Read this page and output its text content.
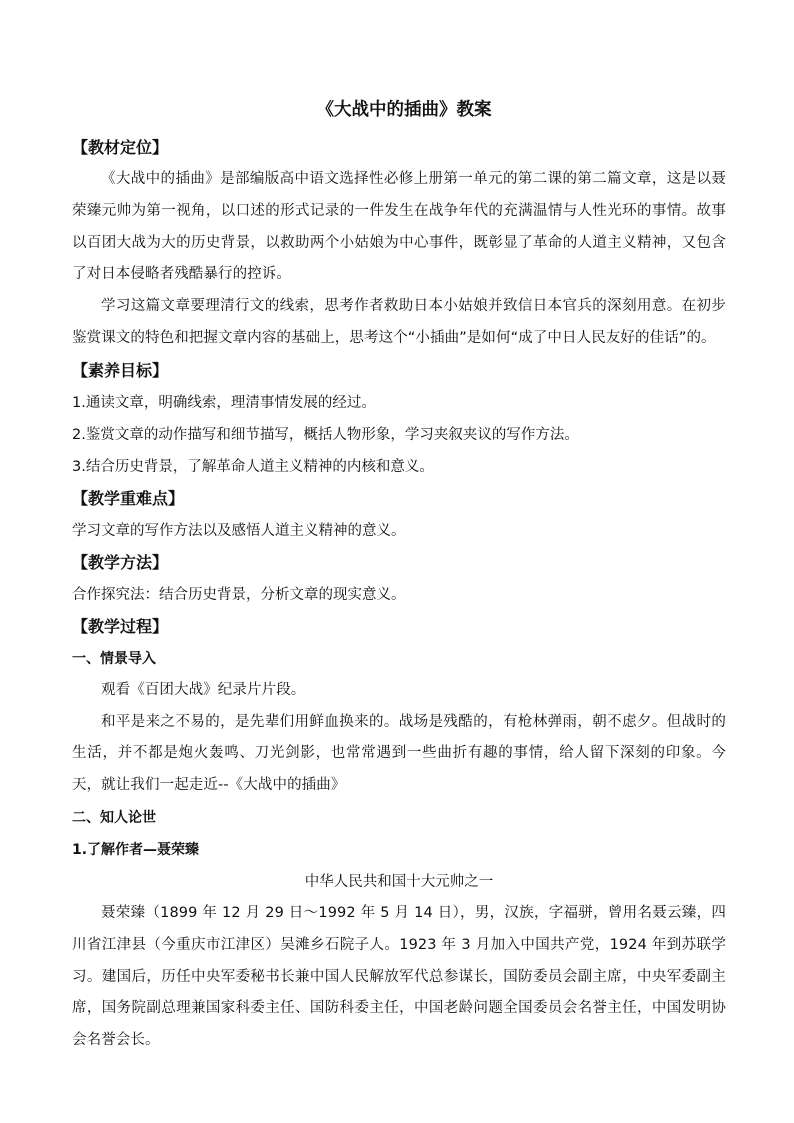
《大战中的插曲》教案
【教材定位】

《大战中的插曲》是部编版高中语文选择性必修上册第一单元的第二课的第二篇文章，这是以聂荣臻元帅为第一视角，以口述的形式记录的一件发生在战争年代的充满温情与人性光环的事情。故事以百团大战为大的历史背景，以救助两个小姑娘为中心事件，既彰显了革命的人道主义精神，又包含了对日本侵略者残酷暴行的控诉。

学习这篇文章要理清行文的线索，思考作者救助日本小姑娘并致信日本官兵的深刻用意。在初步鉴赏课文的特色和把握文章内容的基础上，思考这个“小插曲”是如何“成了中日人民友好的佳话”的。

【素养目标】

1.通读文章，明确线索，理清事情发展的经过。

2.鉴赏文章的动作描写和细节描写，概括人物形象，学习夹叙夹议的写作方法。

3.结合历史背景，了解革命人道主义精神的内核和意义。

【教学重难点】

学习文章的写作方法以及感悟人道主义精神的意义。

【教学方法】

合作探究法：结合历史背景，分析文章的现实意义。

【教学过程】
一、情景导入

观看《百团大战》纪录片片段。

和平是来之不易的，是先辈们用鲜血换来的。战场是残酷的，有枪林弹雨，朝不虑夕。但战时的生活，并不都是炮火轰鸣、刀光剑影，也常常遇到一些曲折有趣的事情，给人留下深刻的印象。今天，就让我们一起走近--《大战中的插曲》

二、知人论世
1.了解作者—聂荣臻

中华人民共和国十大元帅之一

聂荣臻（1899 年 12 月 29 日～1992 年 5 月 14 日），男，汉族，字福骈，曾用名聂云臻，四川省江津县（今重庆市江津区）吴滩乡石院子人。1923 年 3 月加入中国共产党，1924 年到苏联学习。建国后，历任中央军委秘书长兼中国人民解放军代总参谋长，国防委员会副主席，中央军委副主席，国务院副总理兼国家科委主任、国防科委主任，中国老龄问题全国委员会名誉主任，中国发明协会名誉会长。
